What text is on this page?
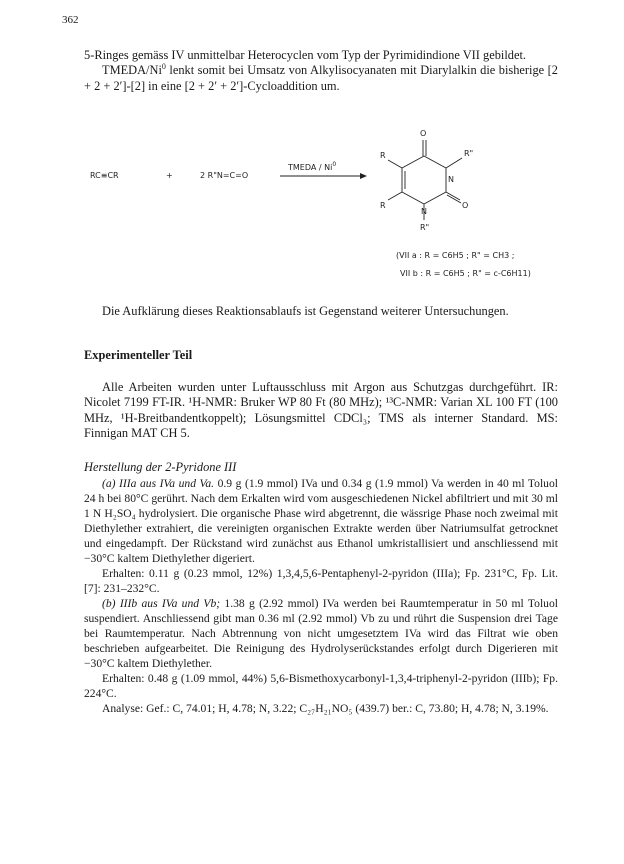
362

5-Ringes gemäss IV unmittelbar Heterocyclen vom Typ der Pyrimidindione VII gebildet.

TMEDA/Ni$^0$ lenkt somit bei Umsatz von Alkylisocyanaten mit Diarylalkin die bisherige [2 + 2 + 2′]-[2] in eine [2 + 2′ + 2′]-Cycloaddition um.

RC≡CR	+	2 R"N=C=O
TMEDA / Ni$^0$
O
O
N
N
R
R
R"
R"
(VII a : R = C6H5 ; R" = CH3 ;
VII b : R = C6H5 ; R" = c-C6H11)
Die Aufklärung dieses Reaktionsablaufs ist Gegenstand weiterer Untersuchungen.
Experimenteller Teil
Alle Arbeiten wurden unter Luftausschluss mit Argon aus Schutzgas durchgeführt. IR: Nicolet 7199 FT-IR. ¹H-NMR: Bruker WP 80 Ft (80 MHz); ¹³C-NMR: Varian XL 100 FT (100 MHz, ¹H-Breitbandentkoppelt); Lösungsmittel CDCl₃; TMS als interner Standard. MS: Finnigan MAT CH 5.
Herstellung der 2-Pyridone III

(a) IIIa aus IVa und Va. 0.9 g (1.9 mmol) IVa und 0.34 g (1.9 mmol) Va werden in 40 ml Toluol 24 h bei 80°C gerührt. Nach dem Erkalten wird vom ausgeschiedenen Nickel abfiltriert und mit 30 ml 1 N H₂SO₄ hydrolysiert. Die organische Phase wird abgetrennt, die wässrige Phase noch zweimal mit Diethylether extrahiert, die vereinigten organischen Extrakte werden über Natriumsulfat getrocknet und eingedampft. Der Rückstand wird zunächst aus Ethanol umkristallisiert und anschliessend mit −30°C kaltem Diethylether digeriert.

Erhalten: 0.11 g (0.23 mmol, 12%) 1,3,4,5,6-Pentaphenyl-2-pyridon (IIIa); Fp. 231°C, Fp. Lit. [7]: 231–232°C.

(b) IIIb aus IVa und Vb; 1.38 g (2.92 mmol) IVa werden bei Raumtemperatur in 50 ml Toluol suspendiert. Anschliessend gibt man 0.36 ml (2.92 mmol) Vb zu und rührt die Suspension drei Tage bei Raumtemperatur. Nach Abtrennung von nicht umgesetztem IVa wird das Filtrat wie oben beschrieben aufgearbeitet. Die Reinigung des Hydrolyserückstandes erfolgt durch Digerieren mit −30°C kaltem Diethylether.

Erhalten: 0.48 g (1.09 mmol, 44%) 5,6-Bismethoxycarbonyl-1,3,4-triphenyl-2-pyridon (IIIb); Fp. 224°C.

Analyse: Gef.: C, 74.01; H, 4.78; N, 3.22; C₂₇H₂₁NO₅ (439.7) ber.: C, 73.80; H, 4.78; N, 3.19%.
